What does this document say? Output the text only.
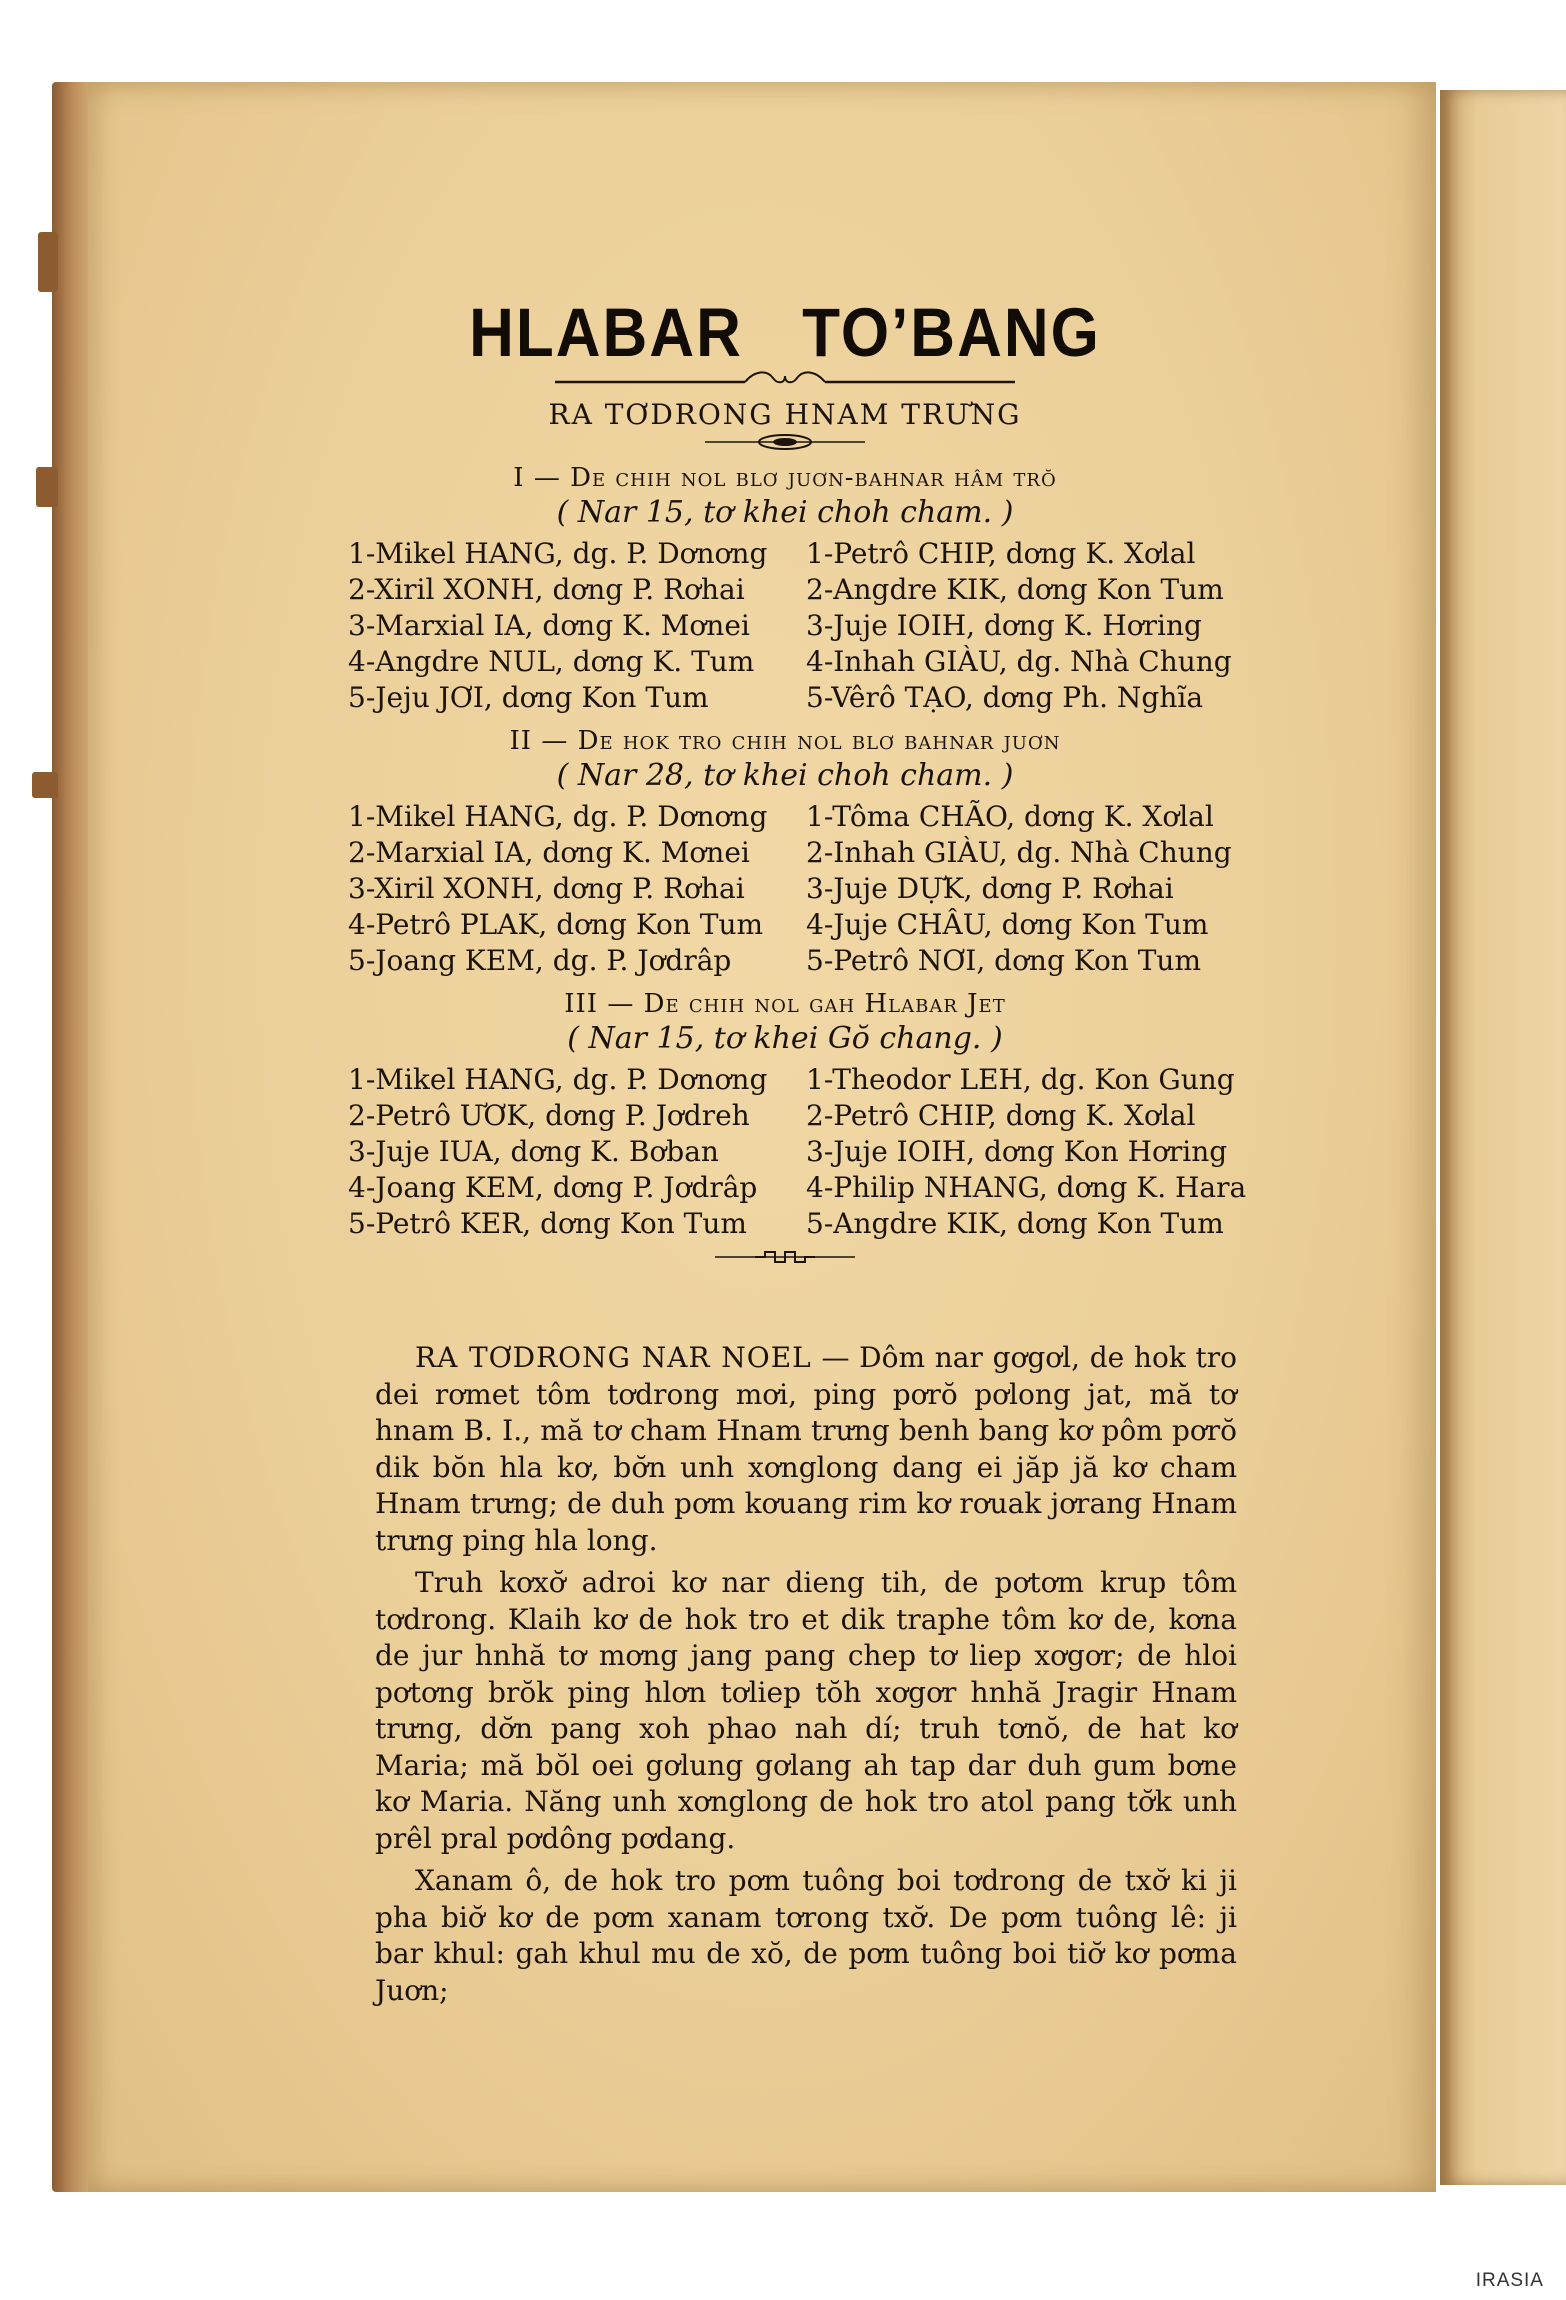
HLABAR TO’BANG
RA TƠDRONG HNAM TRƯNG
I — De chih nol blơ juơn-bahnar hâm trŏ
( Nar 15, tơ khei choh cham. )
1-Mikel HANG, dg. P. Dơnơng	1-Petrô CHIP, dơng K. Xơlal
2-Xiril XONH, dơng P. Rơhai	2-Angdre KIK, dơng Kon Tum
3-Marxial IA, dơng K. Mơnei	3-Juje IOIH, dơng K. Hơring
4-Angdre NUL, dơng K. Tum	4-Inhah GIÀU, dg. Nhà Chung
5-Jeju JƠI, dơng Kon Tum	5-Vêrô TẠO, dơng Ph. Nghĩa
II — De hok tro chih nol blơ bahnar juơn
( Nar 28, tơ khei choh cham. )
1-Mikel HANG, dg. P. Dơnơng	1-Tôma CHÃO, dơng K. Xơlal
2-Marxial IA, dơng K. Mơnei	2-Inhah GIÀU, dg. Nhà Chung
3-Xiril XONH, dơng P. Rơhai	3-Juje DỰK, dơng P. Rơhai
4-Petrô PLAK, dơng Kon Tum	4-Juje CHÂU, dơng Kon Tum
5-Joang KEM, dg. P. Jơdrâp	5-Petrô NƠI, dơng Kon Tum
III — De chih nol gah Hlabar Jet
( Nar 15, tơ khei Gŏ chang. )
1-Mikel HANG, dg. P. Dơnơng	1-Theodor LEH, dg. Kon Gung
2-Petrô ƯƠK, dơng P. Jơdreh	2-Petrô CHIP, dơng K. Xơlal
3-Juje IUA, dơng K. Bơban	3-Juje IOIH, dơng Kon Hơring
4-Joang KEM, dơng P. Jơdrâp	4-Philip NHANG, dơng K. Hara
5-Petrô KER, dơng Kon Tum	5-Angdre KIK, dơng Kon Tum

RA TƠDRONG NAR NOEL — Dôm nar gơgơl, de hok tro dei rơmet tôm tơdrong mơi, ping pơrŏ pơlong jat, mă tơ hnam B. I., mă tơ cham Hnam trưng benh bang kơ pôm pơrŏ dik bŏn hla kơ, bơ̆n unh xơnglong dang ei jăp jă kơ cham Hnam trưng; de duh pơm kơuang rim kơ rơuak jơrang Hnam trưng ping hla long.

Truh kơxơ̆ adroi kơ nar dieng tih, de pơtơm krup tôm tơdrong. Klaih kơ de hok tro et dik traphe tôm kơ de, kơna de jur hnhă tơ mơng jang pang chep tơ liep xơgơr; de hloi pơtơng brŏk ping hlơn tơliep tŏh xơgơr hnhă Jragir Hnam trưng, dơ̆n pang xoh phao nah dí; truh tơnŏ, de hat kơ Maria; mă bŏl oei gơlung gơlang ah tap dar duh gum bơne kơ Maria. Năng unh xơnglong de hok tro atol pang tơ̆k unh prêl pral pơdông pơdang.

Xanam ô, de hok tro pơm tuông boi tơdrong de txơ̆ ki ji pha biơ̆ kơ de pơm xanam tơrong txơ̆. De pơm tuông lê: ji bar khul: gah khul mu de xŏ, de pơm tuông boi tiơ̆ kơ pơma Juơn;

IRASIA
